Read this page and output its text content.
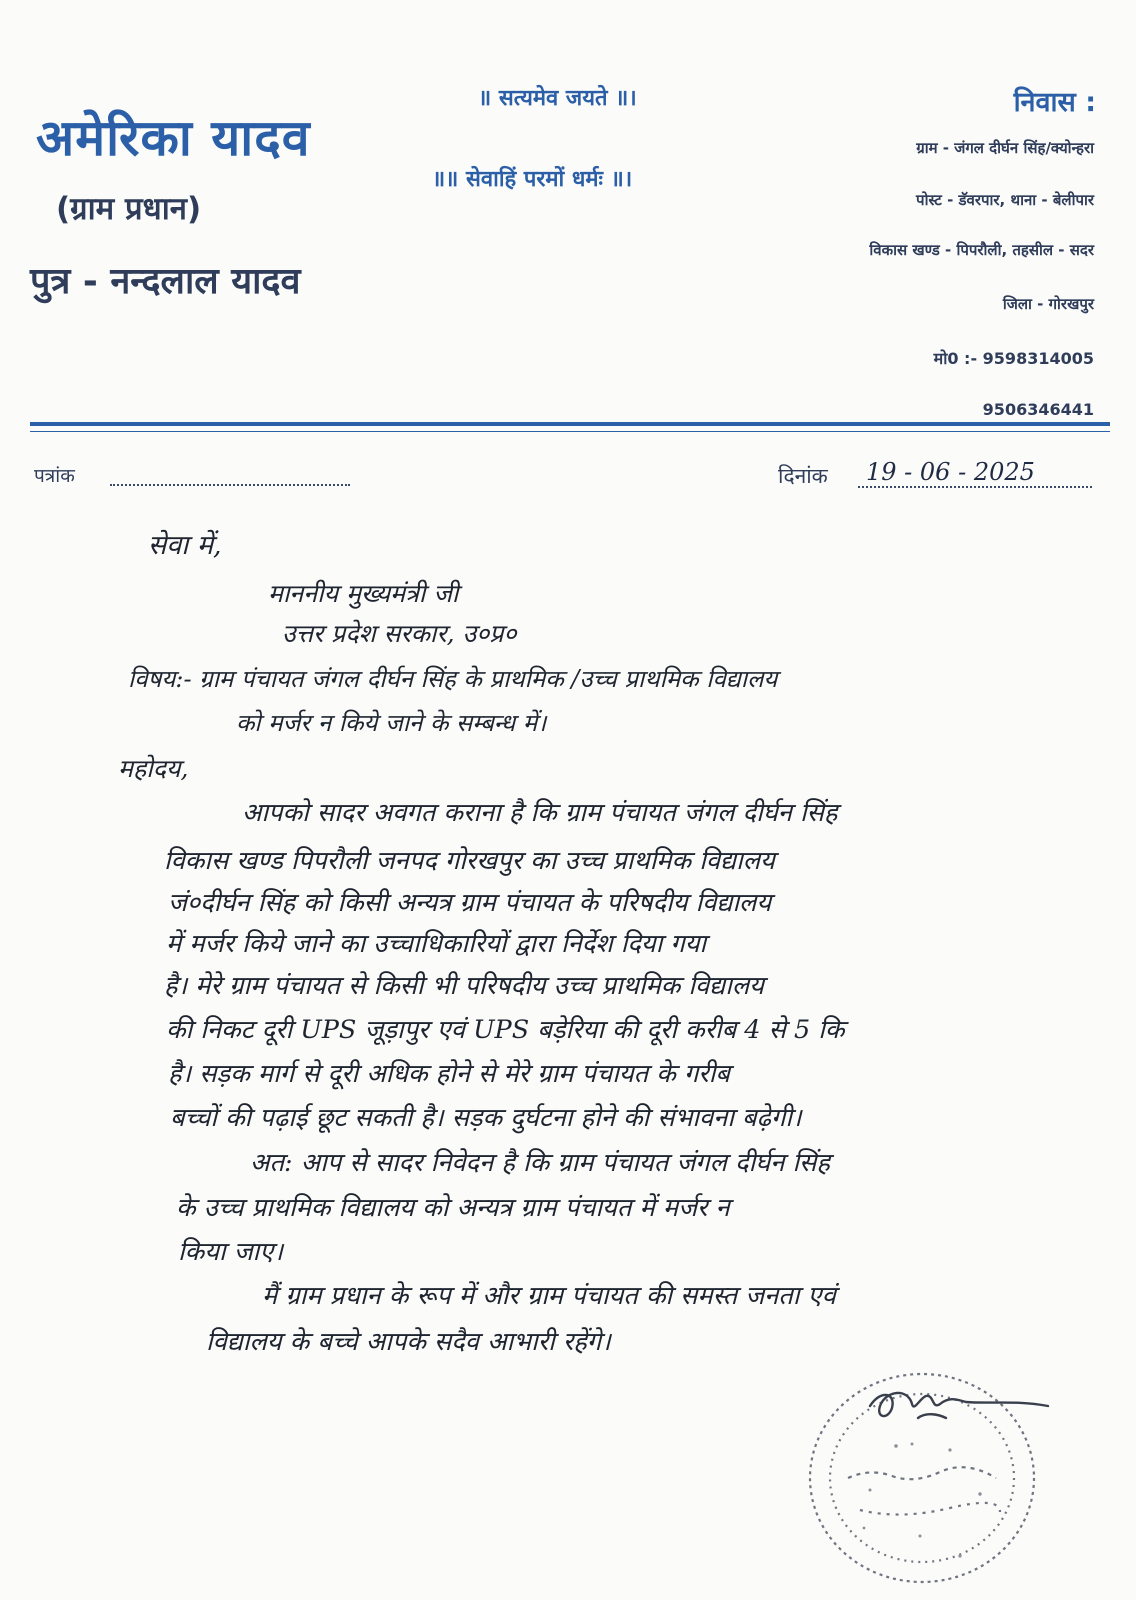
अमेरिका यादव
(ग्राम प्रधान)
पुत्र - नन्दलाल यादव
॥ सत्यमेव जयते ॥।
॥॥ सेवाहिं परमों धर्मः ॥।
निवास :
ग्राम - जंगल दीर्घन सिंह/क्योन्हरा
पोस्ट - डॅवरपार, थाना - बेलीपार
विकास खण्ड - पिपरौली, तहसील - सदर
जिला - गोरखपुर
मो0 :- 9598314005
9506346441
पत्रांक	दिनांक 19 - 06 - 2025
सेवा में,
माननीय मुख्यमंत्री जी
उत्तर प्रदेश सरकार, उ०प्र०
विषय:- ग्राम पंचायत जंगल दीर्घन सिंह के प्राथमिक /उच्च प्राथमिक विद्यालय
को मर्जर न किये जाने के सम्बन्ध में।
महोदय,
आपको सादर अवगत कराना है कि ग्राम पंचायत जंगल दीर्घन सिंह
विकास खण्ड पिपरौली जनपद गोरखपुर का उच्च प्राथमिक विद्यालय
जं०दीर्घन सिंह को किसी अन्यत्र ग्राम पंचायत के परिषदीय विद्यालय
में मर्जर किये जाने का उच्चाधिकारियों द्वारा निर्देश दिया गया
है। मेरे ग्राम पंचायत से किसी भी परिषदीय उच्च प्राथमिक विद्यालय
की निकट दूरी UPS जूड़ापुर एवं UPS बड़ेरिया की दूरी करीब 4 से 5 कि
है। सड़क मार्ग से दूरी अधिक होने से मेरे ग्राम पंचायत के गरीब
बच्चों की पढ़ाई छूट सकती है। सड़क दुर्घटना होने की संभावना बढ़ेगी।
अत: आप से सादर निवेदन है कि ग्राम पंचायत जंगल दीर्घन सिंह
के उच्च प्राथमिक विद्यालय को अन्यत्र ग्राम पंचायत में मर्जर न
किया जाए।
मैं ग्राम प्रधान के रूप में और ग्राम पंचायत की समस्त जनता एवं
विद्यालय के बच्चे आपके सदैव आभारी रहेंगे।
